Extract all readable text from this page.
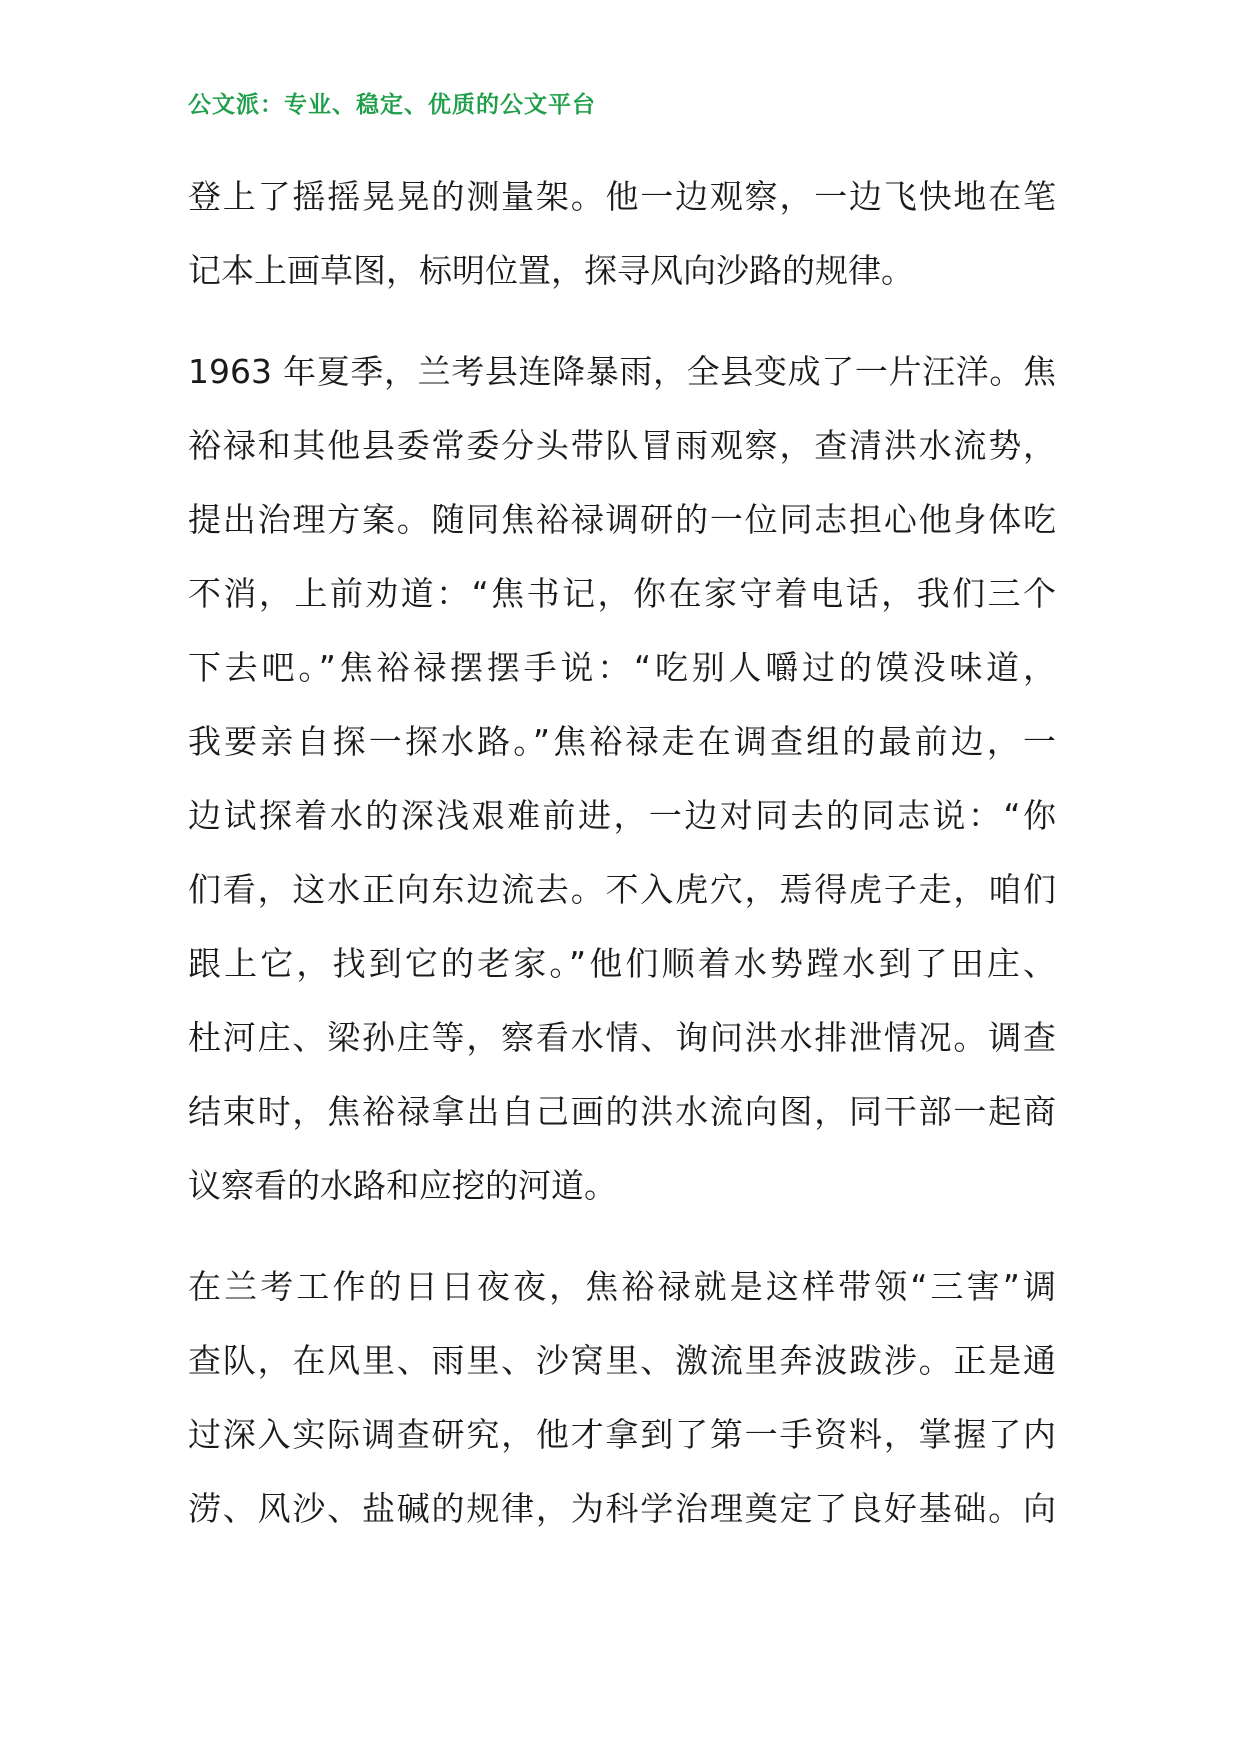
公文派：专业、稳定、优质的公文平台
登上了摇摇晃晃的测量架。他一边观察，一边飞快地在笔
记本上画草图，标明位置，探寻风向沙路的规律。
1963 年夏季，兰考县连降暴雨，全县变成了一片汪洋。焦
裕禄和其他县委常委分头带队冒雨观察，查清洪水流势，
提出治理方案。随同焦裕禄调研的一位同志担心他身体吃
不消，上前劝道：“焦书记，你在家守着电话，我们三个
下去吧。”焦裕禄摆摆手说：“吃别人嚼过的馍没味道，
我要亲自探一探水路。”焦裕禄走在调查组的最前边，一
边试探着水的深浅艰难前进，一边对同去的同志说：“你
们看，这水正向东边流去。不入虎穴，焉得虎子走，咱们
跟上它，找到它的老家。”他们顺着水势蹚水到了田庄、
杜河庄、梁孙庄等，察看水情、询问洪水排泄情况。调查
结束时，焦裕禄拿出自己画的洪水流向图，同干部一起商
议察看的水路和应挖的河道。
在兰考工作的日日夜夜，焦裕禄就是这样带领“三害”调
查队，在风里、雨里、沙窝里、激流里奔波跋涉。正是通
过深入实际调查研究，他才拿到了第一手资料，掌握了内
涝、风沙、盐碱的规律，为科学治理奠定了良好基础。向
